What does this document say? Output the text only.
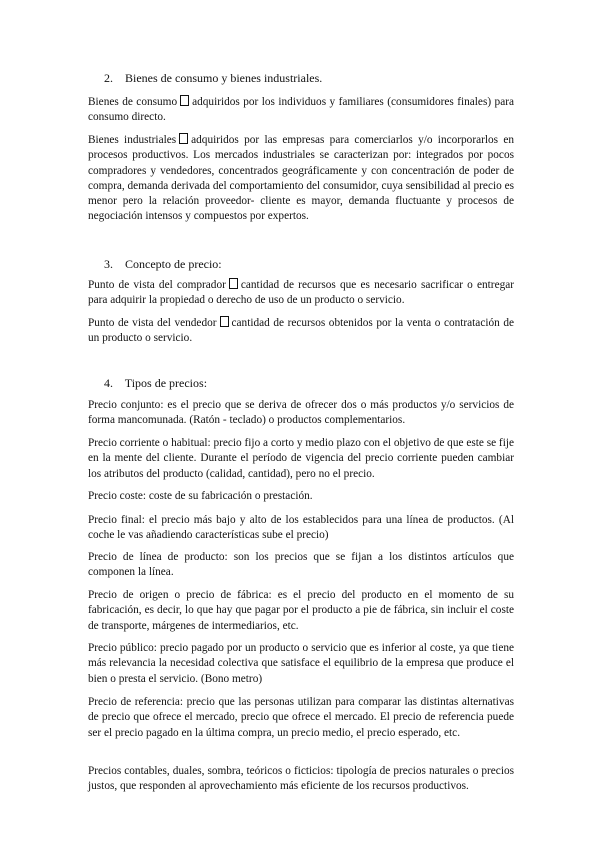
2. Bienes de consumo y bienes industriales.

Bienes de consumo adquiridos por los individuos y familiares (consumidores finales) para consumo directo.

Bienes industriales adquiridos por las empresas para comerciarlos y/o incorporarlos en procesos productivos. Los mercados industriales se caracterizan por: integrados por pocos compradores y vendedores, concentrados geográficamente y con concentración de poder de compra, demanda derivada del comportamiento del consumidor, cuya sensibilidad al precio es menor pero la relación proveedor- cliente es mayor, demanda fluctuante y procesos de negociación intensos y compuestos por expertos.

3. Concepto de precio:

Punto de vista del comprador cantidad de recursos que es necesario sacrificar o entregar para adquirir la propiedad o derecho de uso de un producto o servicio.

Punto de vista del vendedor cantidad de recursos obtenidos por la venta o contratación de un producto o servicio.

4. Tipos de precios:

Precio conjunto: es el precio que se deriva de ofrecer dos o más productos y/o servicios de forma mancomunada. (Ratón - teclado) o productos complementarios.

Precio corriente o habitual: precio fijo a corto y medio plazo con el objetivo de que este se fije en la mente del cliente. Durante el período de vigencia del precio corriente pueden cambiar los atributos del producto (calidad, cantidad), pero no el precio.

Precio coste: coste de su fabricación o prestación.

Precio final: el precio más bajo y alto de los establecidos para una línea de productos. (Al coche le vas añadiendo características sube el precio)

Precio de línea de producto: son los precios que se fijan a los distintos artículos que componen la línea.

Precio de origen o precio de fábrica: es el precio del producto en el momento de su fabricación, es decir, lo que hay que pagar por el producto a pie de fábrica, sin incluir el coste de transporte, márgenes de intermediarios, etc.

Precio público: precio pagado por un producto o servicio que es inferior al coste, ya que tiene más relevancia la necesidad colectiva que satisface el equilibrio de la empresa que produce el bien o presta el servicio. (Bono metro)

Precio de referencia: precio que las personas utilizan para comparar las distintas alternativas de precio que ofrece el mercado, precio que ofrece el mercado. El precio de referencia puede ser el precio pagado en la última compra, un precio medio, el precio esperado, etc.

Precios contables, duales, sombra, teóricos o ficticios: tipología de precios naturales o precios justos, que responden al aprovechamiento más eficiente de los recursos productivos.
